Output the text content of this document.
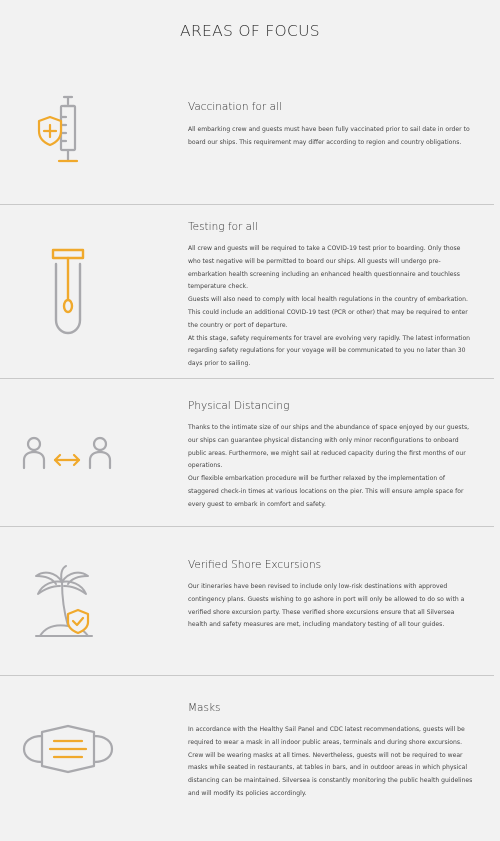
AREAS OF FOCUS
Vaccination for all

All embarking crew and guests must have been fully vaccinated prior to sail date in order to board our ships. This requirement may differ according to region and country obligations.

Testing for all

All crew and guests will be required to take a COVID-19 test prior to boarding. Only those who test negative will be permitted to board our ships. All guests will undergo pre-embarkation health screening including an enhanced health questionnaire and touchless temperature check.

Guests will also need to comply with local health regulations in the country of embarkation. This could include an additional COVID-19 test (PCR or other) that may be required to enter the country or port of departure.

At this stage, safety requirements for travel are evolving very rapidly. The latest information regarding safety regulations for your voyage will be communicated to you no later than 30 days prior to sailing.

Physical Distancing

Thanks to the intimate size of our ships and the abundance of space enjoyed by our guests, our ships can guarantee physical distancing with only minor reconfigurations to onboard public areas. Furthermore, we might sail at reduced capacity during the first months of our operations.

Our flexible embarkation procedure will be further relaxed by the implementation of staggered check-in times at various locations on the pier. This will ensure ample space for every guest to embark in comfort and safety.

Verified Shore Excursions

Our itineraries have been revised to include only low-risk destinations with approved contingency plans. Guests wishing to go ashore in port will only be allowed to do so with a verified shore excursion party. These verified shore excursions ensure that all Silversea health and safety measures are met, including mandatory testing of all tour guides.

Masks

In accordance with the Healthy Sail Panel and CDC latest recommendations, guests will be required to wear a mask in all indoor public areas, terminals and during shore excursions. Crew will be wearing masks at all times. Nevertheless, guests will not be required to wear masks while seated in restaurants, at tables in bars, and in outdoor areas in which physical distancing can be maintained. Silversea is constantly monitoring the public health guidelines and will modify its policies accordingly.
